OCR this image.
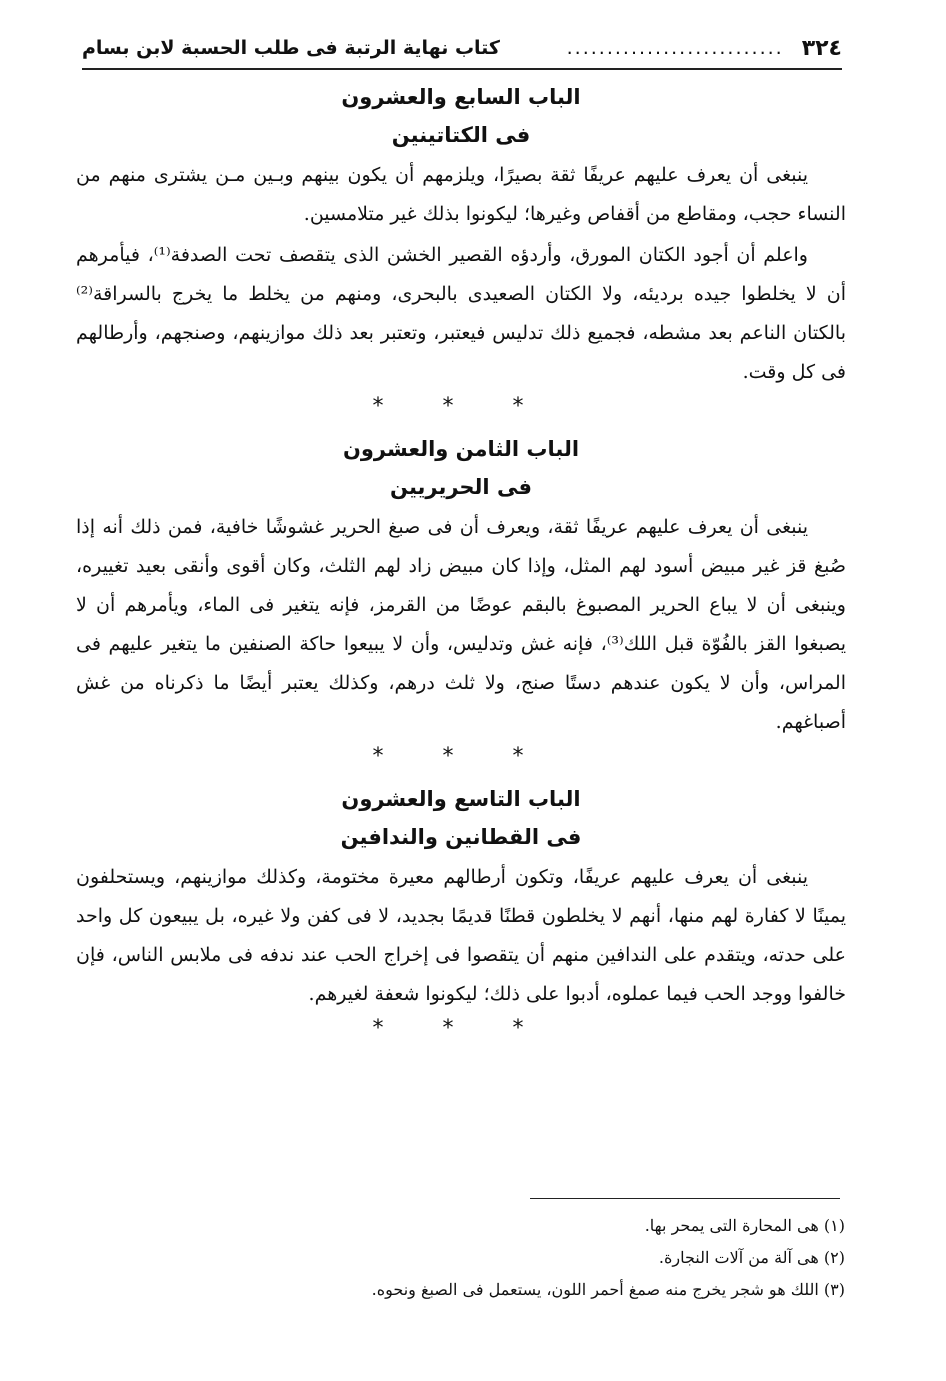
٣٢٤
...........................
كتاب نهاية الرتبة فى طلب الحسبة لابن بسام

الباب السابع والعشرون

فى الكتاتينين

ينبغى أن يعرف عليهم عريفًا ثقة بصيرًا، ويلزمهم أن يكون بينهم وبـين مـن يشترى منهم من النساء حجب، ومقاطع من أقفاص وغيرها؛ ليكونوا بذلك غير متلامسين.

واعلم أن أجود الكتان المورق، وأردؤه القصير الخشن الذى يتقصف تحت الصدفة⁽¹⁾، فيأمرهم أن لا يخلطوا جيده برديئه، ولا الكتان الصعيدى بالبحرى، ومنهم من يخلط ما يخرج بالسراقة⁽²⁾ بالكتان الناعم بعد مشطه، فجميع ذلك تدليس فيعتبر، وتعتبر بعد ذلك موازينهم، وصنجهم، وأرطالهم فى كل وقت.

* * *

الباب الثامن والعشرون

فى الحريريين

ينبغى أن يعرف عليهم عريفًا ثقة، ويعرف أن فى صبغ الحرير غشوشًا خافية، فمن ذلك أنه إذا صُبغ قز غير مبيض أسود لهم المثل، وإذا كان مبيض زاد لهم الثلث، وكان أقوى وأنقى بعيد تغييره، وينبغى أن لا يباع الحرير المصبوغ بالبقم عوضًا من القرمز، فإنه يتغير فى الماء، ويأمرهم أن لا يصبغوا القز بالفُوّة قبل اللك⁽³⁾، فإنه غش وتدليس، وأن لا يبيعوا حاكة الصنفين ما يتغير عليهم فى المراس، وأن لا يكون عندهم دستًا صنج، ولا ثلث درهم، وكذلك يعتبر أيضًا ما ذكرناه من غش أصباغهم.

* * *

الباب التاسع والعشرون

فى القطانين والندافين

ينبغى أن يعرف عليهم عريفًا، وتكون أرطالهم معيرة مختومة، وكذلك موازينهم، ويستحلفون يمينًا لا كفارة لهم منها، أنهم لا يخلطون قطنًا قديمًا بجديد، لا فى كفن ولا غيره، بل يبيعون كل واحد على حدته، ويتقدم على الندافين منهم أن يتقصوا فى إخراج الحب عند ندفه فى ملابس الناس، فإن خالفوا ووجد الحب فيما عملوه، أدبوا على ذلك؛ ليكونوا شعفة لغيرهم.

* * *

(١) هى المحارة التى يمحر بها.

(٢) هى آلة من آلات النجارة.

(٣) اللك هو شجر يخرج منه صمغ أحمر اللون، يستعمل فى الصبغ ونحوه.
